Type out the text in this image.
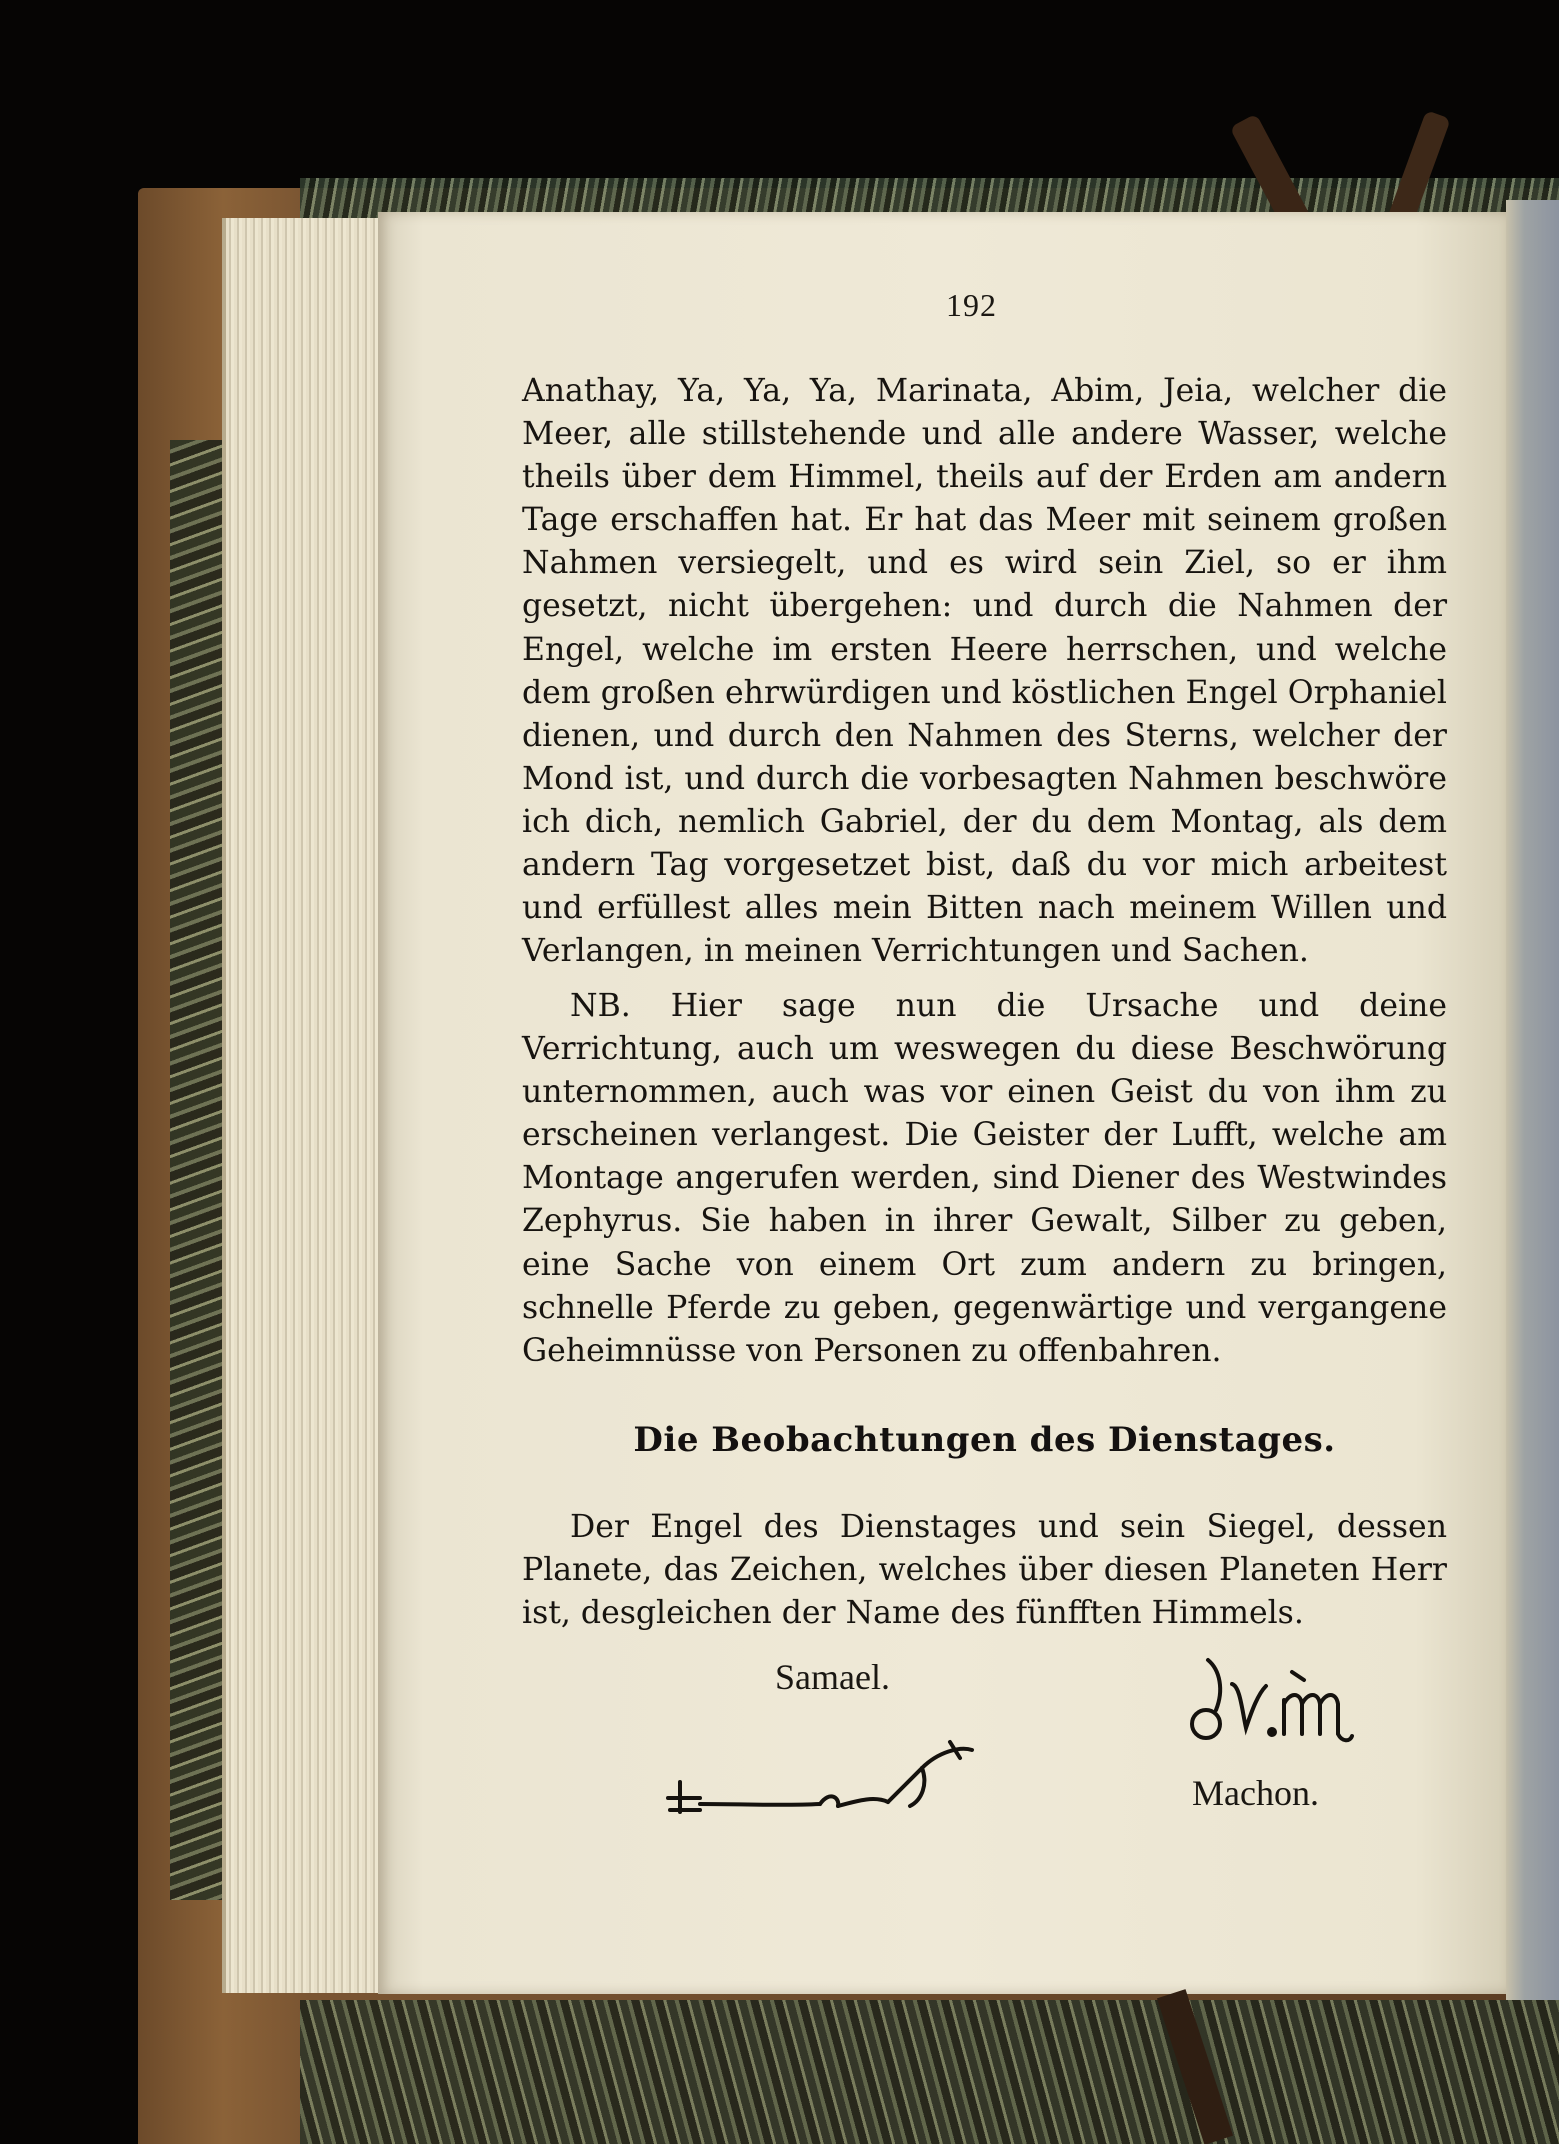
192

Anathay, Ya, Ya, Ya, Marinata, Abim, Jeia, welcher die Meer, alle stillstehende und alle andere Wasser, welche theils über dem Himmel, theils auf der Erden am andern Tage erschaffen hat. Er hat das Meer mit seinem großen Nahmen versiegelt, und es wird sein Ziel, so er ihm gesetzt, nicht übergehen: und durch die Nahmen der Engel, welche im ersten Heere herrschen, und welche dem großen ehrwürdigen und köstlichen Engel Orphaniel dienen, und durch den Nahmen des Sterns, welcher der Mond ist, und durch die vorbesagten Nahmen beschwöre ich dich, nemlich Gabriel, der du dem Montag, als dem andern Tag vorgesetzet bist, daß du vor mich arbeitest und erfüllest alles mein Bitten nach meinem Willen und Verlangen, in meinen Verrichtungen und Sachen.

NB. Hier sage nun die Ursache und deine Verrichtung, auch um weswegen du diese Beschwörung unternommen, auch was vor einen Geist du von ihm zu erscheinen verlangest. Die Geister der Lufft, welche am Montage angerufen werden, sind Diener des Westwindes Zephyrus. Sie haben in ihrer Gewalt, Silber zu geben, eine Sache von einem Ort zum andern zu bringen, schnelle Pferde zu geben, gegenwärtige und vergangene Geheimnüsse von Personen zu offenbahren.

Die Beobachtungen des Dienstages.

Der Engel des Dienstages und sein Siegel, dessen Planete, das Zeichen, welches über diesen Planeten Herr ist, desgleichen der Name des fünfften Himmels.

Samael.
Machon.
